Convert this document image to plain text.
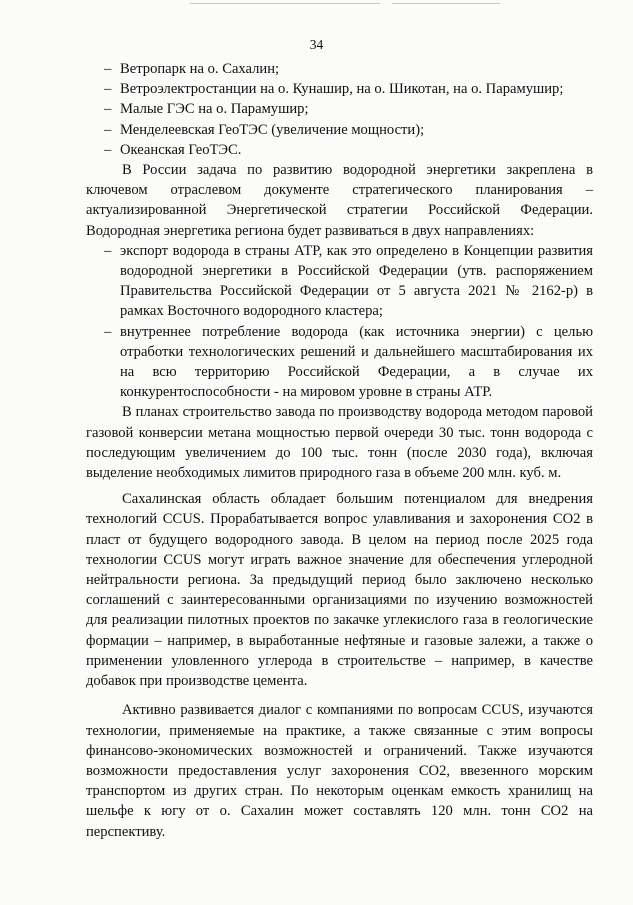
34
– Ветропарк на о. Сахалин;
– Ветроэлектростанции на о. Кунашир, на о. Шикотан, на о. Парамушир;
– Малые ГЭС на о. Парамушир;
– Менделеевская ГеоТЭС (увеличение мощности);
– Океанская ГеоТЭС.

В России задача по развитию водородной энергетики закреплена в ключевом отраслевом документе стратегического планирования – актуализированной Энергетической стратегии Российской Федерации. Водородная энергетика региона будет развиваться в двух направлениях:

– экспорт водорода в страны АТР, как это определено в Концепции развития водородной энергетики в Российской Федерации (утв. распоряжением Правительства Российской Федерации от 5 августа 2021 № 2162-р) в рамках Восточного водородного кластера;
– внутреннее потребление водорода (как источника энергии) с целью отработки технологических решений и дальнейшего масштабирования их на всю территорию Российской Федерации, а в случае их конкурентоспособности - на мировом уровне в страны АТР.

В планах строительство завода по производству водорода методом паровой газовой конверсии метана мощностью первой очереди 30 тыс. тонн водорода с последующим увеличением до 100 тыс. тонн (после 2030 года), включая выделение необходимых лимитов природного газа в объеме 200 млн. куб. м.

Сахалинская область обладает большим потенциалом для внедрения технологий CCUS. Прорабатывается вопрос улавливания и захоронения CO2 в пласт от будущего водородного завода. В целом на период после 2025 года технологии CCUS могут играть важное значение для обеспечения углеродной нейтральности региона. За предыдущий период было заключено несколько соглашений с заинтересованными организациями по изучению возможностей для реализации пилотных проектов по закачке углекислого газа в геологические формации – например, в выработанные нефтяные и газовые залежи, а также о применении уловленного углерода в строительстве – например, в качестве добавок при производстве цемента.

Активно развивается диалог с компаниями по вопросам CCUS, изучаются технологии, применяемые на практике, а также связанные с этим вопросы финансово-экономических возможностей и ограничений. Также изучаются возможности предоставления услуг захоронения CO2, ввезенного морским транспортом из других стран. По некоторым оценкам емкость хранилищ на шельфе к югу от о. Сахалин может составлять 120 млн. тонн CO2 на перспективу.
